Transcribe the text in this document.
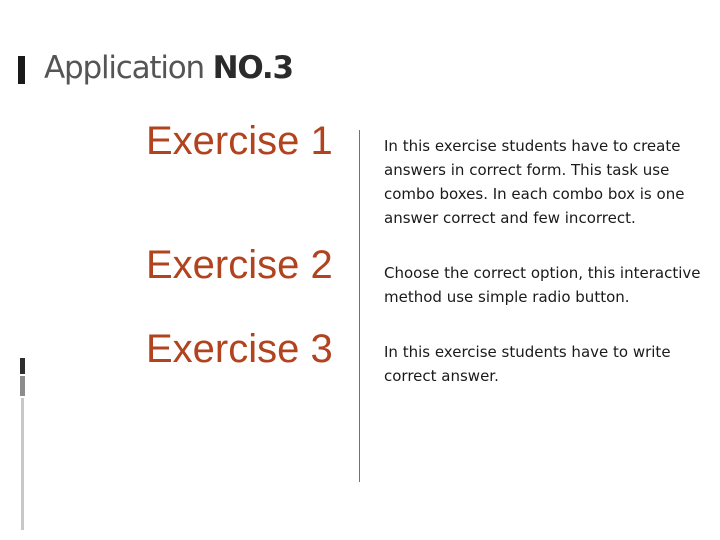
Application NO.3
Exercise 1
Exercise 2
Exercise 3
In this exercise students have to create answers in correct form. This task use combo boxes. In each combo box is one answer correct and few incorrect.
Choose the correct option, this interactive method use simple radio button.
In this exercise students have to write correct answer.
